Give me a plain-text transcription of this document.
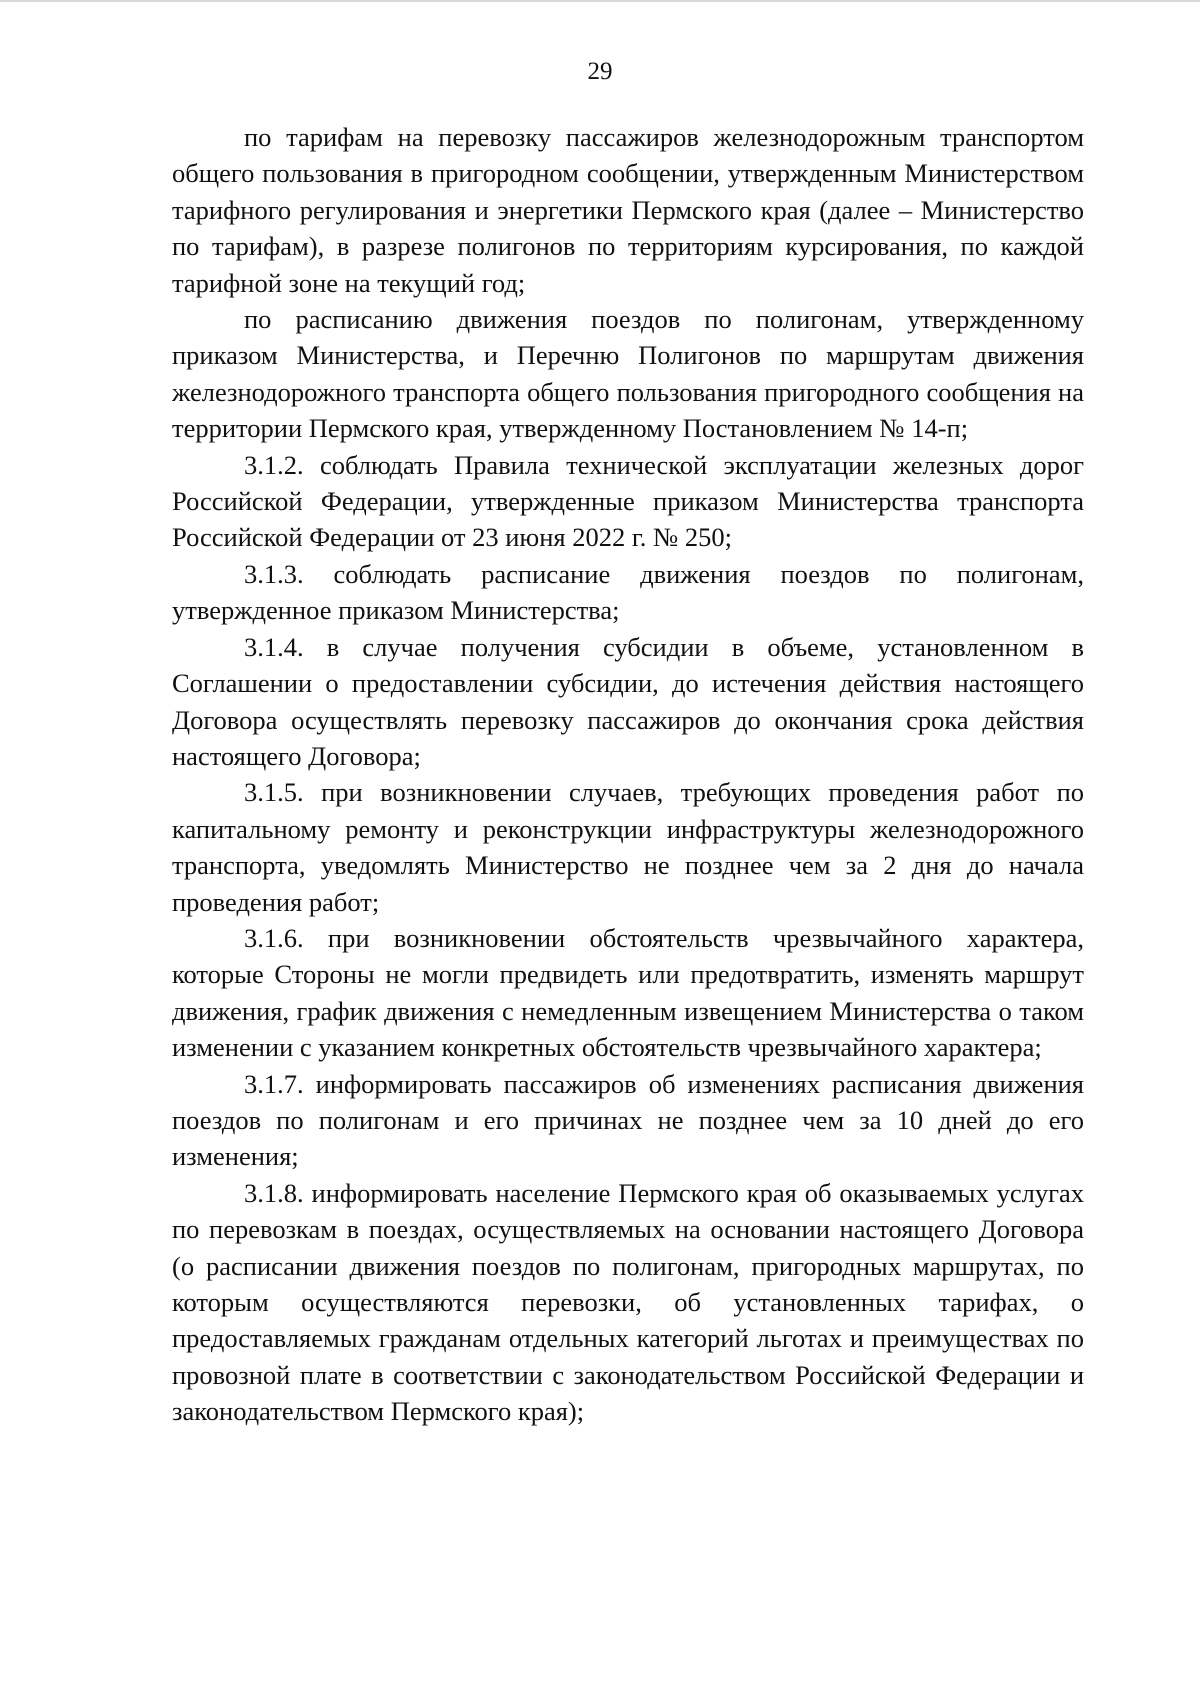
29

по тарифам на перевозку пассажиров железнодорожным транспортом общего пользования в пригородном сообщении, утвержденным Министерством тарифного регулирования и энергетики Пермского края (далее – Министерство по тарифам), в разрезе полигонов по территориям курсирования, по каждой тарифной зоне на текущий год;

по расписанию движения поездов по полигонам, утвержденному приказом Министерства, и Перечню Полигонов по маршрутам движения железнодорожного транспорта общего пользования пригородного сообщения на территории Пермского края, утвержденному Постановлением № 14-п;

3.1.2. соблюдать Правила технической эксплуатации железных дорог Российской Федерации, утвержденные приказом Министерства транспорта Российской Федерации от 23 июня 2022 г. № 250;

3.1.3. соблюдать расписание движения поездов по полигонам, утвержденное приказом Министерства;

3.1.4. в случае получения субсидии в объеме, установленном в Соглашении о предоставлении субсидии, до истечения действия настоящего Договора осуществлять перевозку пассажиров до окончания срока действия настоящего Договора;

3.1.5. при возникновении случаев, требующих проведения работ по капитальному ремонту и реконструкции инфраструктуры железнодорожного транспорта, уведомлять Министерство не позднее чем за 2 дня до начала проведения работ;

3.1.6. при возникновении обстоятельств чрезвычайного характера, которые Стороны не могли предвидеть или предотвратить, изменять маршрут движения, график движения с немедленным извещением Министерства о таком изменении с указанием конкретных обстоятельств чрезвычайного характера;

3.1.7. информировать пассажиров об изменениях расписания движения поездов по полигонам и его причинах не позднее чем за 10 дней до его изменения;

3.1.8. информировать население Пермского края об оказываемых услугах по перевозкам в поездах, осуществляемых на основании настоящего Договора (о расписании движения поездов по полигонам, пригородных маршрутах, по которым осуществляются перевозки, об установленных тарифах, о предоставляемых гражданам отдельных категорий льготах и преимуществах по провозной плате в соответствии с законодательством Российской Федерации и законодательством Пермского края);
